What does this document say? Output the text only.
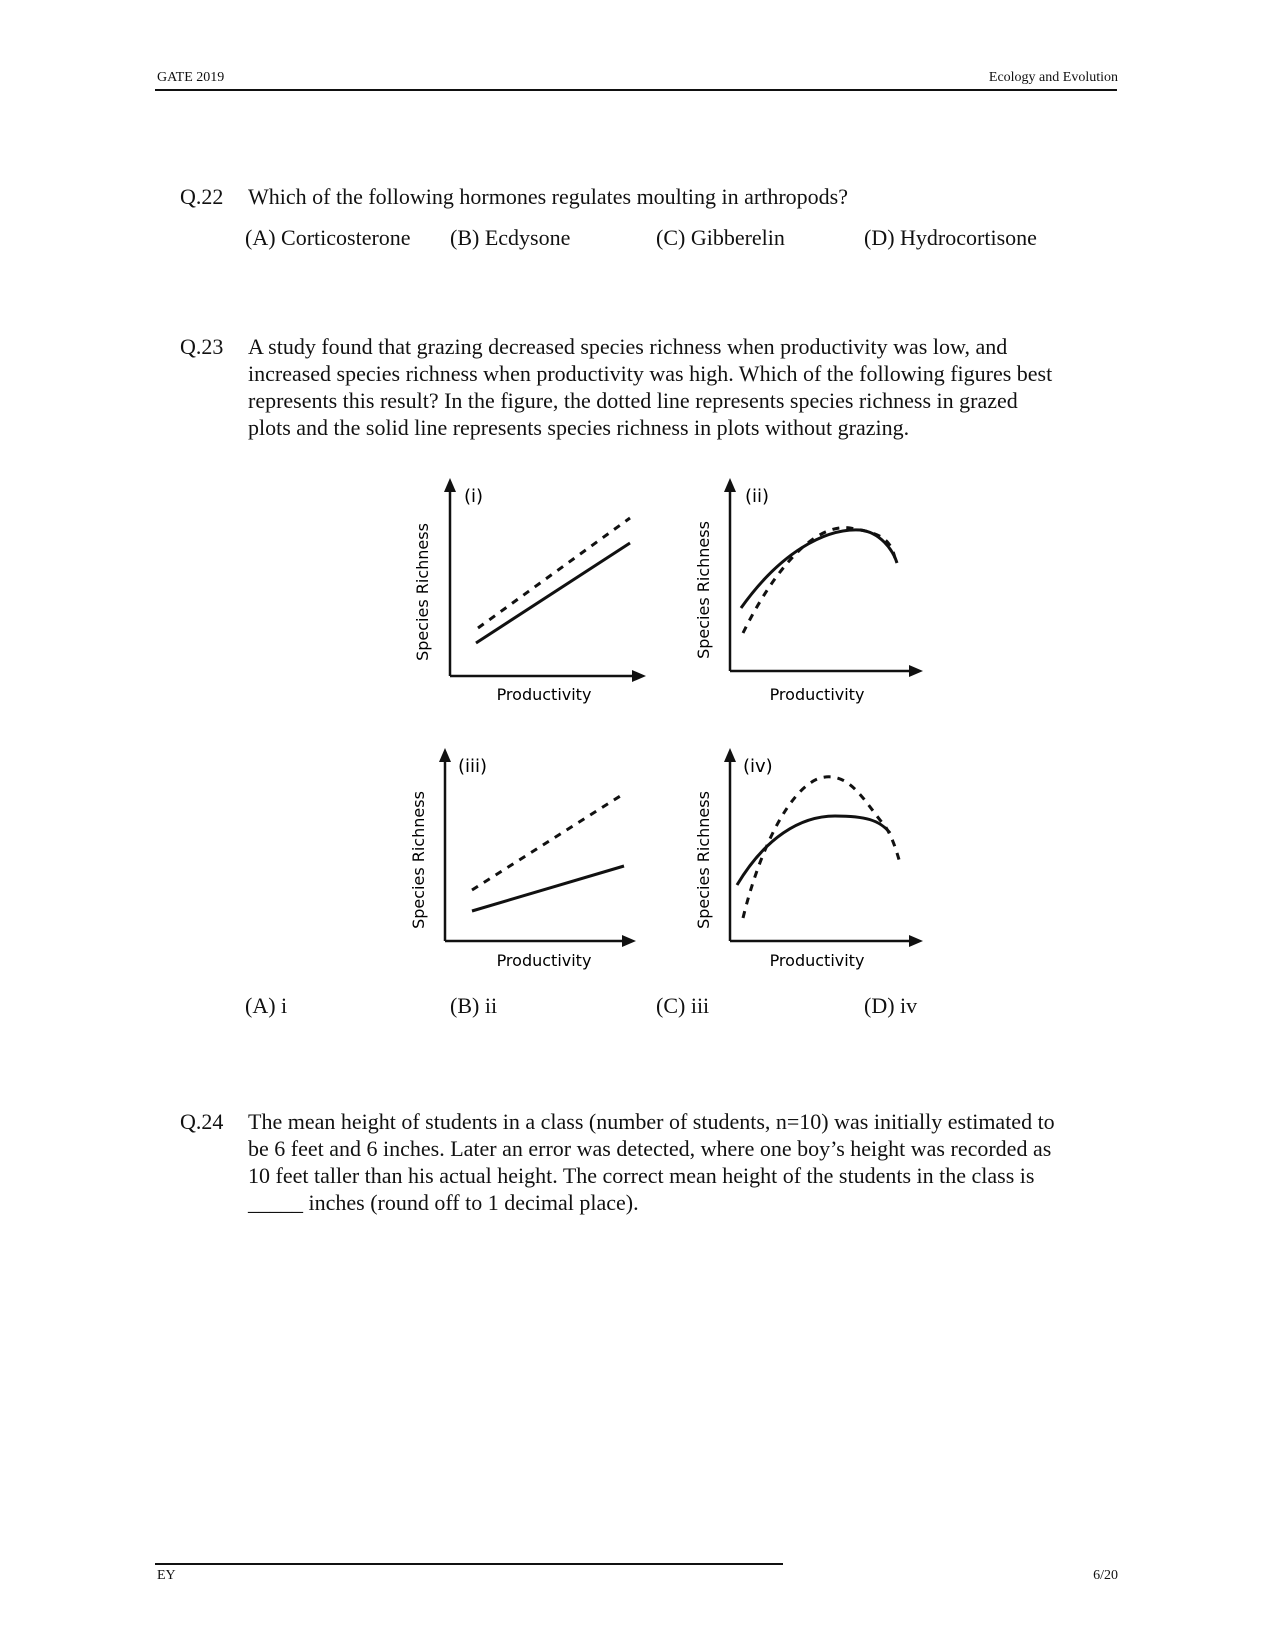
GATE 2019	Ecology and Evolution
Q.22 Which of the following hormones regulates moulting in arthropods?

(A) Corticosterone (B) Ecdysone	(C) Gibberelin	(D) Hydrocortisone
Q.23 A study found that grazing decreased species richness when productivity was low, and

increased species richness when productivity was high. Which of the following figures best

represents this result? In the figure, the dotted line represents species richness in grazed

plots and the solid line represents species richness in plots without grazing.

(i)
Species Richness
Productivity
(ii)
Species Richness
Productivity
(iii)
Species Richness
Productivity
(iv)
Species Richness
Productivity
(A) i	(B) ii	(C) iii	(D) iv
Q.24 The mean height of students in a class (number of students, n=10) was initially estimated to

be 6 feet and 6 inches. Later an error was detected, where one boy’s height was recorded as

10 feet taller than his actual height. The correct mean height of the students in the class is

_____ inches (round off to 1 decimal place).

EY	6/20
